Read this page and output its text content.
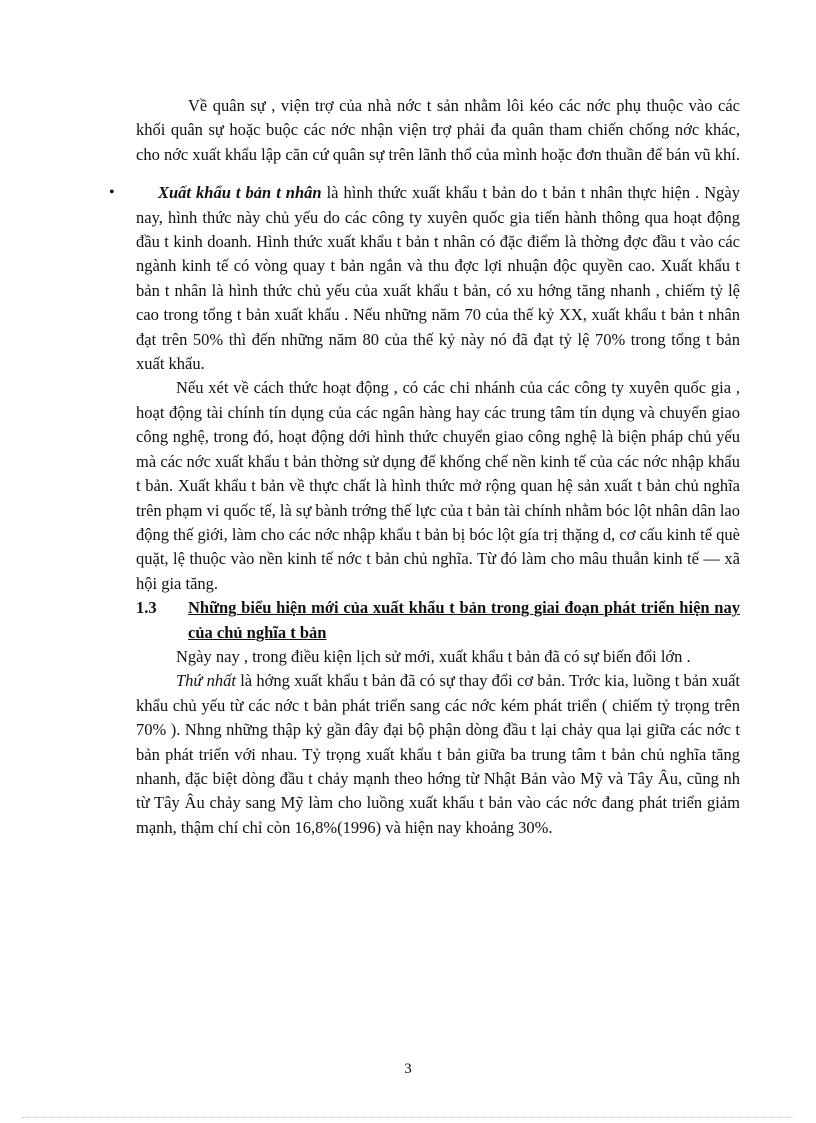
Về quân sự , viện trợ của nhà nớc t sản nhằm lôi kéo các nớc phụ thuộc vào các khối quân sự hoặc buộc các nớc nhận viện trợ phải đa quân tham chiến chống nớc khác, cho nớc xuất khẩu lập căn cứ quân sự trên lãnh thổ của mình hoặc đơn thuần để bán vũ khí.

•	Xuất khẩu t bản t nhân là hình thức xuất khẩu t bản do t bản t nhân thực hiện . Ngày nay, hình thức này chủ yếu do các công ty xuyên quốc gia tiến hành thông qua hoạt động đầu t kinh doanh. Hình thức xuất khẩu t bản t nhân có đặc điểm là thờng đợc đầu t vào các ngành kinh tế có vòng quay t bản ngắn và thu đợc lợi nhuận độc quyền cao. Xuất khẩu t bản t nhân là hình thức chủ yếu của xuất khẩu t bản, có xu hớng tăng nhanh , chiếm tỷ lệ cao trong tổng t bản xuất khẩu . Nếu những năm 70 của thế kỷ XX, xuất khẩu t bản t nhân đạt trên 50% thì đến những năm 80 của thế kỷ này nó đã đạt tỷ lệ 70% trong tổng t bản xuất khẩu.

Nếu xét về cách thức hoạt động , có các chi nhánh của các công ty xuyên quốc gia , hoạt động tài chính tín dụng của các ngân hàng hay các trung tâm tín dụng và chuyển giao công nghệ, trong đó, hoạt động dới hình thức chuyển giao công nghệ là biện pháp chủ yếu mà các nớc xuất khẩu t bản thờng sử dụng để khống chế nền kinh tế của các nớc nhập khẩu t bản. Xuất khẩu t bản về thực chất là hình thức mở rộng quan hệ sản xuất t bản chủ nghĩa trên phạm vi quốc tế, là sự bành trớng thế lực của t bản tài chính nhằm bóc lột nhân dân lao động thế giới, làm cho các nớc nhập khẩu t bản bị bóc lột gía trị thặng d, cơ cấu kinh tế què quặt, lệ thuộc vào nền kinh tế nớc t bản chủ nghĩa. Từ đó làm cho mâu thuẫn kinh tế — xã hội gia tăng.

1.3 Những biểu hiện mới của xuất khẩu t bản trong giai đoạn phát triển hiện nay của chủ nghĩa t bản

Ngày nay , trong điều kiện lịch sử mới, xuất khẩu t bản đã có sự biến đổi lớn .

Thứ nhất là hớng xuất khẩu t bản đã có sự thay đổi cơ bản. Trớc kia, luồng t bản xuất khẩu chủ yếu từ các nớc t bản phát triển sang các nớc kém phát triển ( chiếm tỷ trọng trên 70% ). Nhng những thập kỷ gần đây đại bộ phận dòng đầu t lại chảy qua lại giữa các nớc t bản phát triển với nhau. Tỷ trọng xuất khẩu t bản giữa ba trung tâm t bản chủ nghĩa tăng nhanh, đặc biệt dòng đầu t chảy mạnh theo hớng từ Nhật Bản vào Mỹ và Tây Âu, cũng nh từ Tây Âu chảy sang Mỹ làm cho luồng xuất khẩu t bản vào các nớc đang phát triển giảm mạnh, thậm chí chỉ còn 16,8%(1996) và hiện nay khoảng 30%.

3
